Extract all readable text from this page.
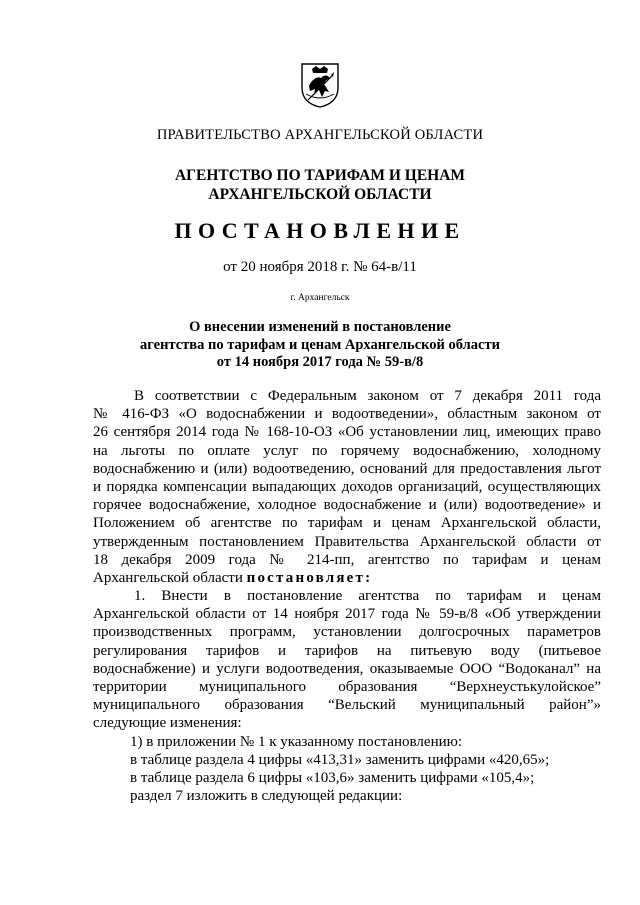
ПРАВИТЕЛЬСТВО АРХАНГЕЛЬСКОЙ ОБЛАСТИ
АГЕНТСТВО ПО ТАРИФАМ И ЦЕНАМ
АРХАНГЕЛЬСКОЙ ОБЛАСТИ
ПОСТАНОВЛЕНИЕ
от 20 ноября 2018 г. № 64-в/11
г. Архангельск
О внесении изменений в постановление
агентства по тарифам и ценам Архангельской области
от 14 ноября 2017 года № 59-в/8
В соответствии с Федеральным законом от 7 декабря 2011 года
№ 416-ФЗ «О водоснабжении и водоотведении», областным законом от
26 сентября 2014 года № 168-10-ОЗ «Об установлении лиц, имеющих право
на льготы по оплате услуг по горячему водоснабжению, холодному
водоснабжению и (или) водоотведению, оснований для предоставления льгот
и порядка компенсации выпадающих доходов организаций, осуществляющих
горячее водоснабжение, холодное водоснабжение и (или) водоотведение» и
Положением об агентстве по тарифам и ценам Архангельской области,
утвержденным постановлением Правительства Архангельской области от
18 декабря 2009 года № 214-пп, агентство по тарифам и ценам
Архангельской области постановляет:
1. Внести в постановление агентства по тарифам и ценам
Архангельской области от 14 ноября 2017 года № 59-в/8 «Об утверждении
производственных программ, установлении долгосрочных параметров
регулирования тарифов и тарифов на питьевую воду (питьевое
водоснабжение) и услуги водоотведения, оказываемые ООО “Водоканал” на
территории муниципального образования “Верхнеустькулойское”
муниципального образования “Вельский муниципальный район”»
следующие изменения:
1) в приложении № 1 к указанному постановлению:
в таблице раздела 4 цифры «413,31» заменить цифрами «420,65»;
в таблице раздела 6 цифры «103,6» заменить цифрами «105,4»;
раздел 7 изложить в следующей редакции:
